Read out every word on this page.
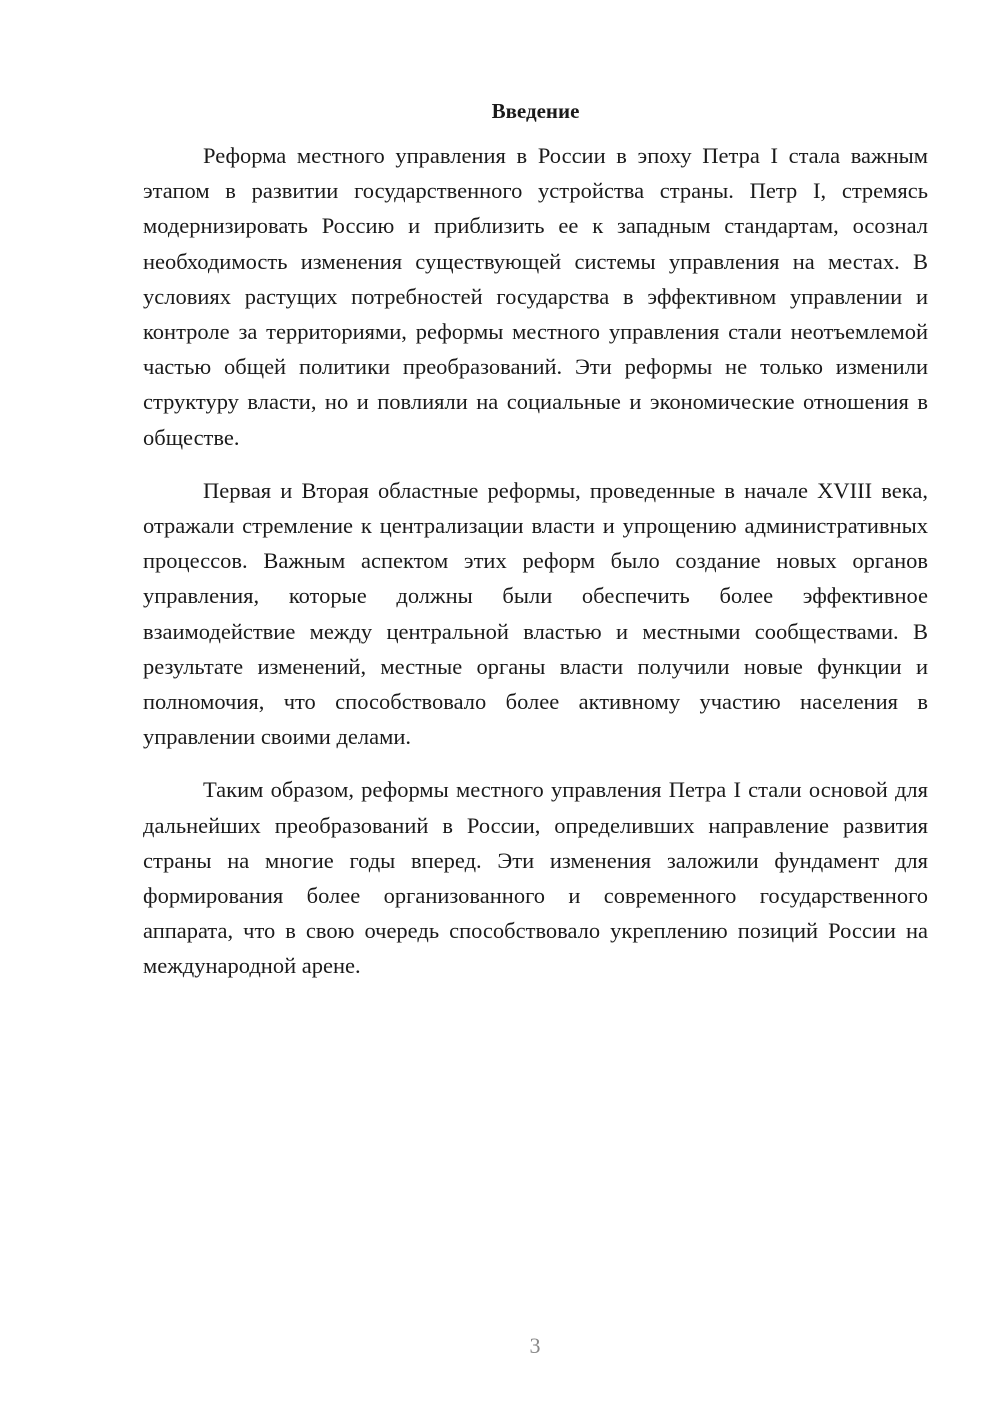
Введение

Реформа местного управления в России в эпоху Петра I стала важным этапом в развитии государственного устройства страны. Петр I, стремясь модернизировать Россию и приблизить ее к западным стандартам, осознал необходимость изменения существующей системы управления на местах. В условиях растущих потребностей государства в эффективном управлении и контроле за территориями, реформы местного управления стали неотъемлемой частью общей политики преобразований. Эти реформы не только изменили структуру власти, но и повлияли на социальные и экономические отношения в обществе.

Первая и Вторая областные реформы, проведенные в начале XVIII века, отражали стремление к централизации власти и упрощению административных процессов. Важным аспектом этих реформ было создание новых органов управления, которые должны были обеспечить более эффективное взаимодействие между центральной властью и местными сообществами. В результате изменений, местные органы власти получили новые функции и полномочия, что способствовало более активному участию населения в управлении своими делами.

Таким образом, реформы местного управления Петра I стали основой для дальнейших преобразований в России, определивших направление развития страны на многие годы вперед. Эти изменения заложили фундамент для формирования более организованного и современного государственного аппарата, что в свою очередь способствовало укреплению позиций России на международной арене.

3
